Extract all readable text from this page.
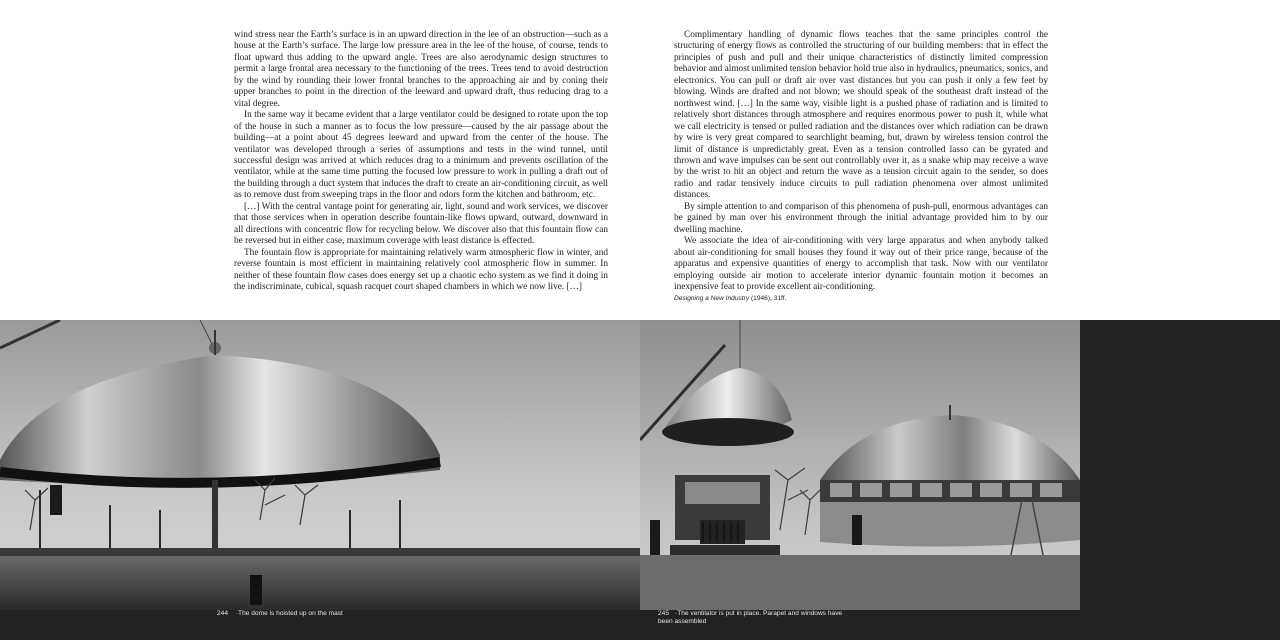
wind stress near the Earth’s surface is in an upward direction in the lee of an obstruction—such as a house at the Earth’s surface. The large low pressure area in the lee of the house, of course, tends to float upward thus adding to the upward angle. Trees are also aerodynamic design structures to permit a large frontal area necessary to the functioning of the trees. Trees tend to avoid destruction by the wind by rounding their lower frontal branches to the approaching air and by coning their upper branches to point in the direction of the leeward and upward draft, thus reducing drag to a vital degree.

In the same way it became evident that a large ventilator could be designed to rotate upon the top of the house in such a manner as to focus the low pressure—caused by the air passage about the building—at a point about 45 degrees leeward and upward from the center of the house. The ventilator was developed through a series of assumptions and tests in the wind tunnel, until successful design was arrived at which reduces drag to a minimum and prevents oscillation of the ventilator, while at the same time putting the focused low pressure to work in pulling a draft out of the building through a duct system that induces the draft to create an air-conditioning circuit, as well as to remove dust from sweeping traps in the floor and odors form the kitchen and bathroom, etc.

[…] With the central vantage point for generating air, light, sound and work services, we discover that those services when in operation describe fountain-like flows upward, outward, downward in all directions with concentric flow for recycling below. We discover also that this fountain flow can be reversed but in either case, maximum coverage with least distance is effected.

The fountain flow is appropriate for maintaining relatively warm atmospheric flow in winter, and reverse fountain is most efficient in maintaining relatively cool atmospheric flow in summer. In neither of these fountain flow cases does energy set up a chaotic echo system as we find it doing in the indiscriminate, cubical, squash racquet court shaped chambers in which we now live. […]

244 ·The dome is hoisted up on the mast

Complimentary handling of dynamic flows teaches that the same principles control the structuring of energy flows as controlled the structuring of our building members: that in effect the principles of push and pull and their unique characteristics of distinctly limited compression behavior and almost unlimited tension behavior hold true also in hydraulics, pneumatics, sonics, and electronics. You can pull or draft air over vast distances but you can push it only a few feet by blowing. Winds are drafted and not blown; we should speak of the southeast draft instead of the northwest wind. […] In the same way, visible light is a pushed phase of radiation and is limited to relatively short distances through atmosphere and requires enormous power to push it, while what we call electricity is tensed or pulled radiation and the distances over which radiation can be drawn by wire is very great compared to searchlight beaming, but, drawn by wireless tension control the limit of distance is unpredictably great. Even as a tension controlled lasso can be gyrated and thrown and wave impulses can be sent out controllably over it, as a snake whip may receive a wave by the wrist to hit an object and return the wave as a tension circuit again to the sender, so does radio and radar tensively induce circuits to pull radiation phenomena over almost unlimited distances.

By simple attention to and comparison of this phenomena of push-pull, enormous advantages can be gained by man over his environment through the initial advantage provided him to by our dwelling machine.

We associate the idea of air-conditioning with very large apparatus and when anybody talked about air-conditioning for small houses they found it way out of their price range, because of the apparatus and expensive quantities of energy to accomplish that task. Now with our ventilator employing outside air motion to accelerate interior dynamic fountain motion it becomes an inexpensive feat to provide excellent air-conditioning.

Designing a New Industry (1946), 31ff.

245 ·The ventilator is put in place. Parapet and windows have
been assembled
